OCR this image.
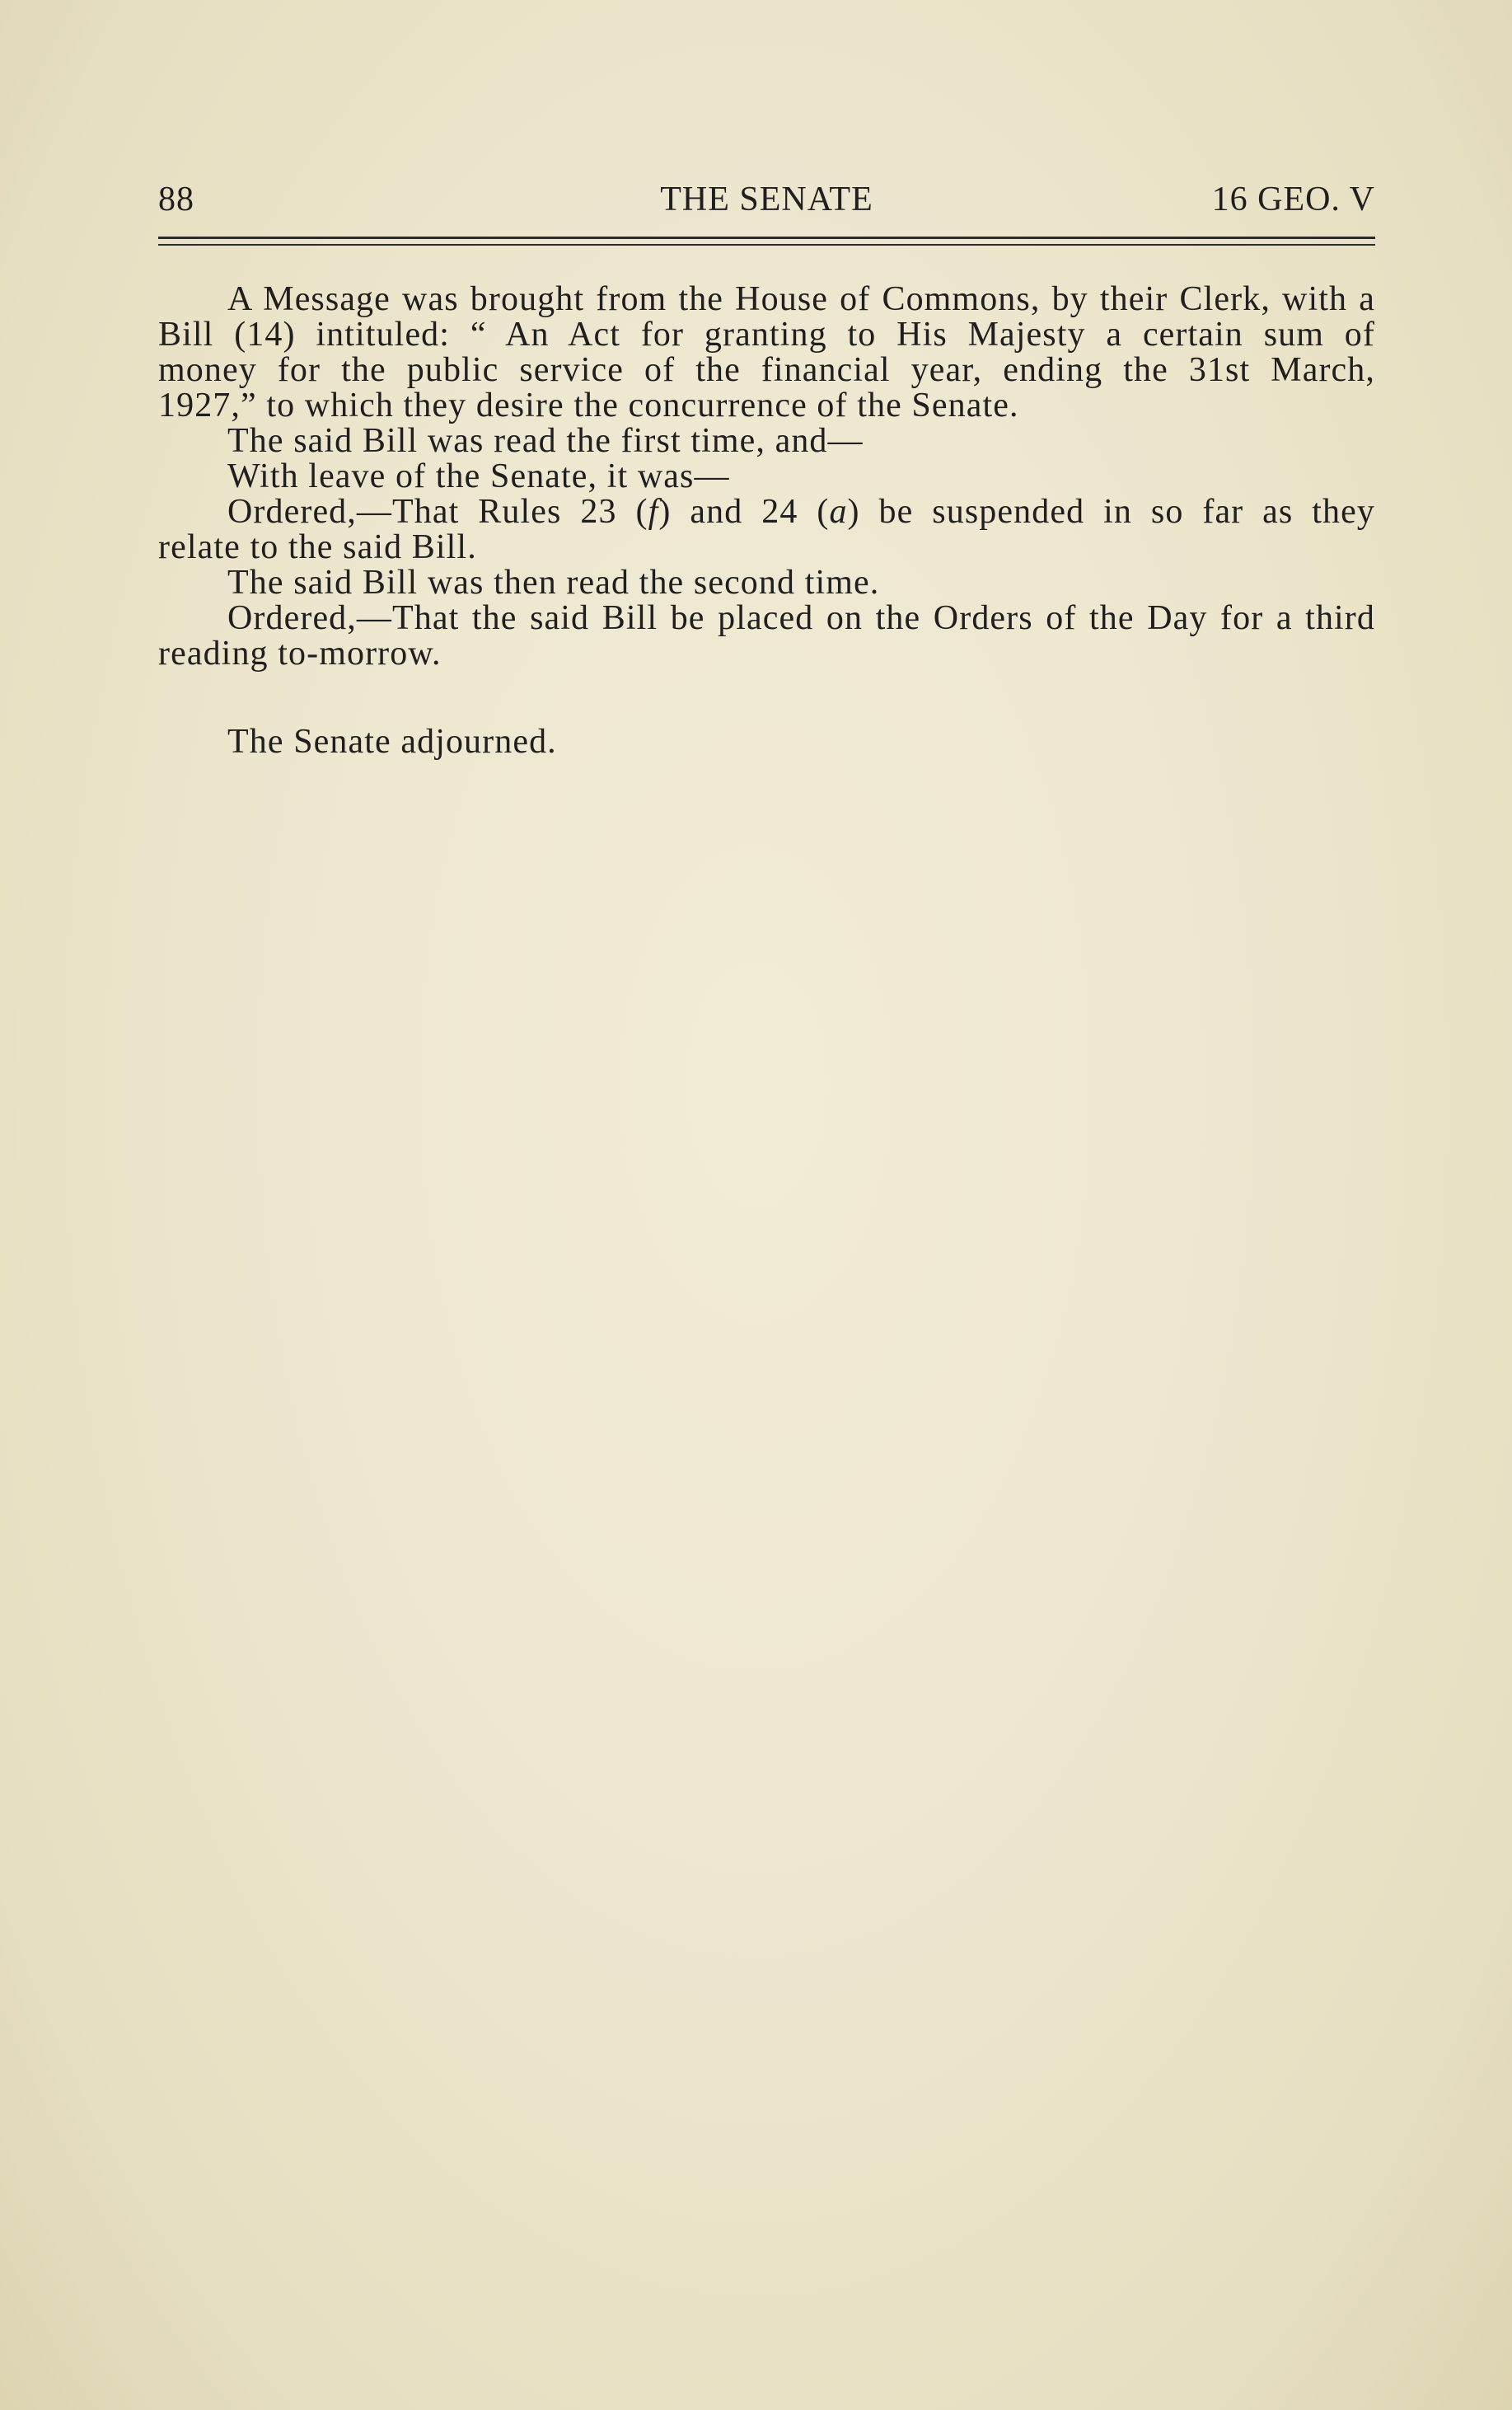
88	THE SENATE	16 GEO. V
A Message was brought from the House of Commons, by their Clerk, with a
Bill (14) intituled: “ An Act for granting to His Majesty a certain sum of
money for the public service of the financial year, ending the 31st March,
1927,” to which they desire the concurrence of the Senate.
The said Bill was read the first time, and—
With leave of the Senate, it was—
Ordered,—That Rules 23 (f) and 24 (a) be suspended in so far as they
relate to the said Bill.
The said Bill was then read the second time.
Ordered,—That the said Bill be placed on the Orders of the Day for a third
reading to-morrow.
The Senate adjourned.
